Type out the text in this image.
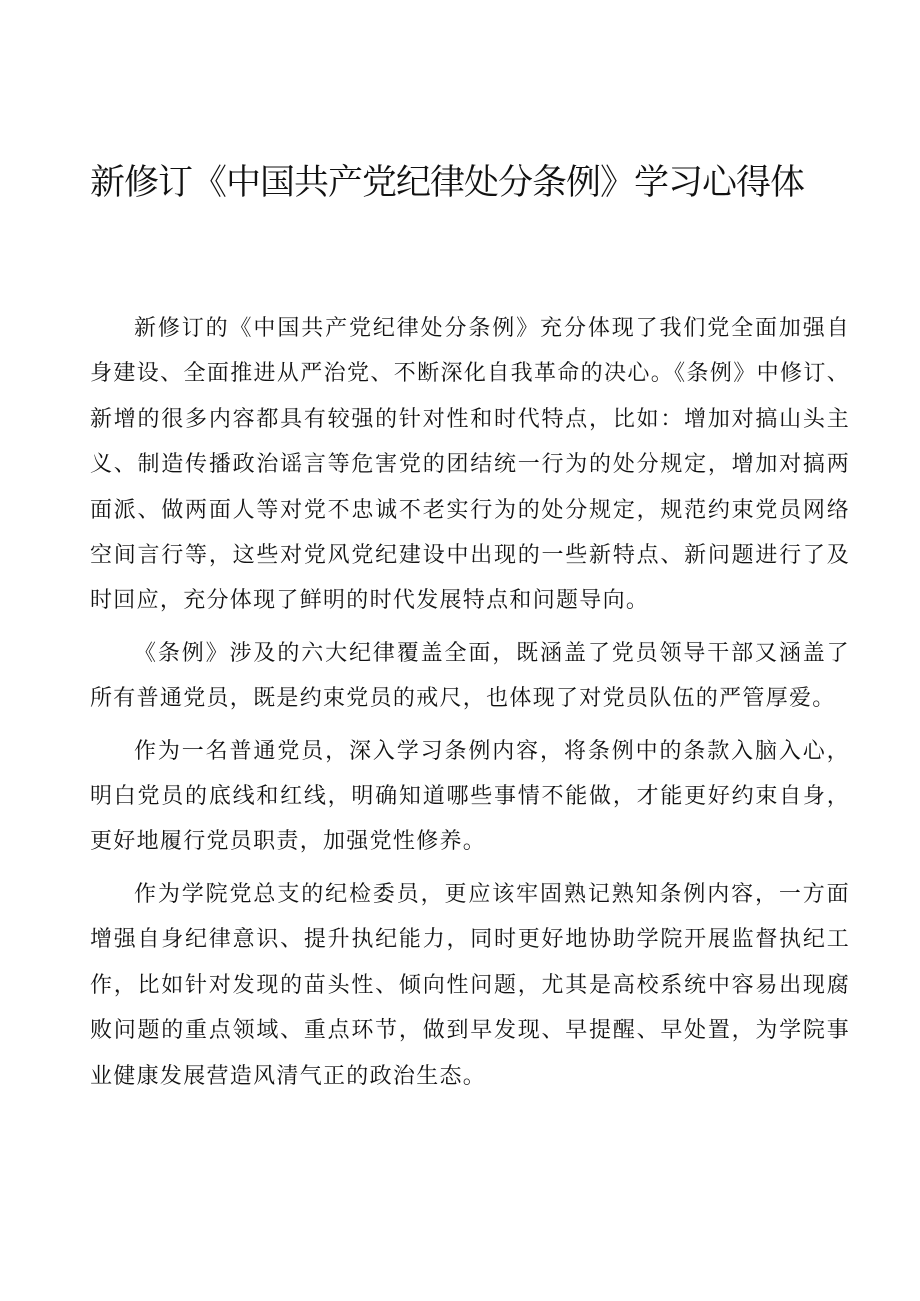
新修订《中国共产党纪律处分条例》学习心得体

新修订的《中国共产党纪律处分条例》充分体现了我们党全面加强自身建设、全面推进从严治党、不断深化自我革命的决心。《条例》中修订、新增的很多内容都具有较强的针对性和时代特点，比如：增加对搞山头主义、制造传播政治谣言等危害党的团结统一行为的处分规定，增加对搞两面派、做两面人等对党不忠诚不老实行为的处分规定，规范约束党员网络空间言行等，这些对党风党纪建设中出现的一些新特点、新问题进行了及时回应，充分体现了鲜明的时代发展特点和问题导向。

《条例》涉及的六大纪律覆盖全面，既涵盖了党员领导干部又涵盖了所有普通党员，既是约束党员的戒尺，也体现了对党员队伍的严管厚爱。

作为一名普通党员，深入学习条例内容，将条例中的条款入脑入心，明白党员的底线和红线，明确知道哪些事情不能做，才能更好约束自身，更好地履行党员职责，加强党性修养。

作为学院党总支的纪检委员，更应该牢固熟记熟知条例内容，一方面增强自身纪律意识、提升执纪能力，同时更好地协助学院开展监督执纪工作，比如针对发现的苗头性、倾向性问题，尤其是高校系统中容易出现腐败问题的重点领域、重点环节，做到早发现、早提醒、早处置，为学院事业健康发展营造风清气正的政治生态。
